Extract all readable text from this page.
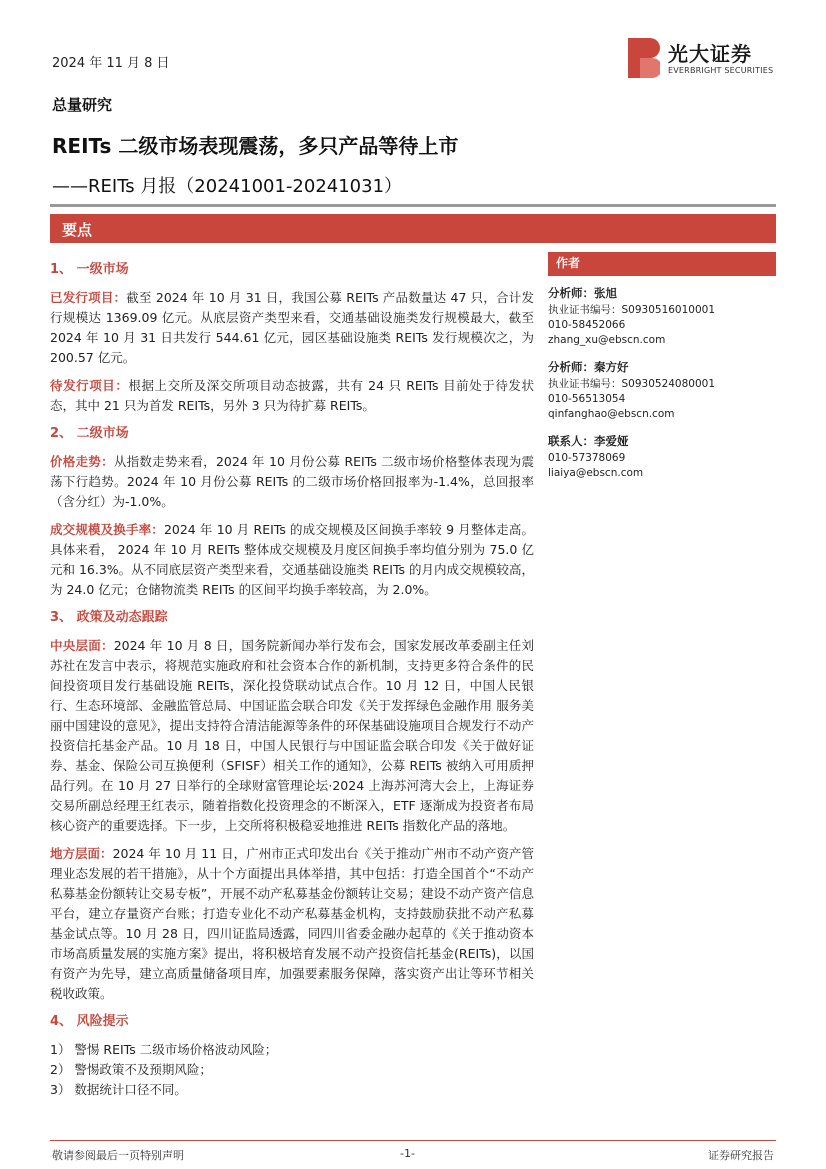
2024 年 11 月 8 日	光大证券
EVERBRIGHT SECURITIES
总量研究
REITs 二级市场表现震荡，多只产品等待上市
——REITs 月报（20241001-20241031）
要点
1、 一级市场

已发行项目：截至 2024 年 10 月 31 日，我国公募 REITs 产品数量达 47 只，合计发行规模达 1369.09 亿元。从底层资产类型来看，交通基础设施类发行规模最大，截至 2024 年 10 月 31 日共发行 544.61 亿元，园区基础设施类 REITs 发行规模次之，为 200.57 亿元。

待发行项目：根据上交所及深交所项目动态披露，共有 24 只 REITs 目前处于待发状态，其中 21 只为首发 REITs，另外 3 只为待扩募 REITs。

2、 二级市场

价格走势：从指数走势来看，2024 年 10 月份公募 REITs 二级市场价格整体表现为震荡下行趋势。2024 年 10 月份公募 REITs 的二级市场价格回报率为-1.4%，总回报率（含分红）为-1.0%。

成交规模及换手率：2024 年 10 月 REITs 的成交规模及区间换手率较 9 月整体走高。具体来看， 2024 年 10 月 REITs 整体成交规模及月度区间换手率均值分别为 75.0 亿元和 16.3%。从不同底层资产类型来看，交通基础设施类 REITs 的月内成交规模较高，为 24.0 亿元；仓储物流类 REITs 的区间平均换手率较高，为 2.0%。

3、 政策及动态跟踪

中央层面：2024 年 10 月 8 日，国务院新闻办举行发布会，国家发展改革委副主任刘苏社在发言中表示，将规范实施政府和社会资本合作的新机制，支持更多符合条件的民间投资项目发行基础设施 REITs，深化投贷联动试点合作。10 月 12 日，中国人民银行、生态环境部、金融监管总局、中国证监会联合印发《关于发挥绿色金融作用 服务美丽中国建设的意见》，提出支持符合清洁能源等条件的环保基础设施项目合规发行不动产投资信托基金产品。10 月 18 日，中国人民银行与中国证监会联合印发《关于做好证券、基金、保险公司互换便利（SFISF）相关工作的通知》，公募 REITs 被纳入可用质押品行列。在 10 月 27 日举行的全球财富管理论坛·2024 上海苏河湾大会上，上海证券交易所副总经理王红表示，随着指数化投资理念的不断深入，ETF 逐渐成为投资者布局核心资产的重要选择。下一步，上交所将积极稳妥地推进 REITs 指数化产品的落地。

地方层面：2024 年 10 月 11 日，广州市正式印发出台《关于推动广州市不动产资产管理业态发展的若干措施》，从十个方面提出具体举措，其中包括：打造全国首个“不动产私募基金份额转让交易专板”，开展不动产私募基金份额转让交易；建设不动产资产信息平台，建立存量资产台账；打造专业化不动产私募基金机构，支持鼓励获批不动产私募基金试点等。10 月 28 日，四川证监局透露，同四川省委金融办起草的《关于推动资本市场高质量发展的实施方案》提出，将积极培育发展不动产投资信托基金(REITs)，以国有资产为先导，建立高质量储备项目库，加强要素服务保障，落实资产出让等环节相关税收政策。

4、 风险提示

1） 警惕 REITs 二级市场价格波动风险；

2） 警惕政策不及预期风险；

3） 数据统计口径不同。

作者
分析师：张旭
执业证书编号：S0930516010001
010-58452066
zhang_xu@ebscn.com
分析师：秦方好
执业证书编号：S0930524080001
010-56513054
qinfanghao@ebscn.com
联系人：李爱娅
010-57378069
liaiya@ebscn.com
敬请参阅最后一页特别声明	-1-	证券研究报告
